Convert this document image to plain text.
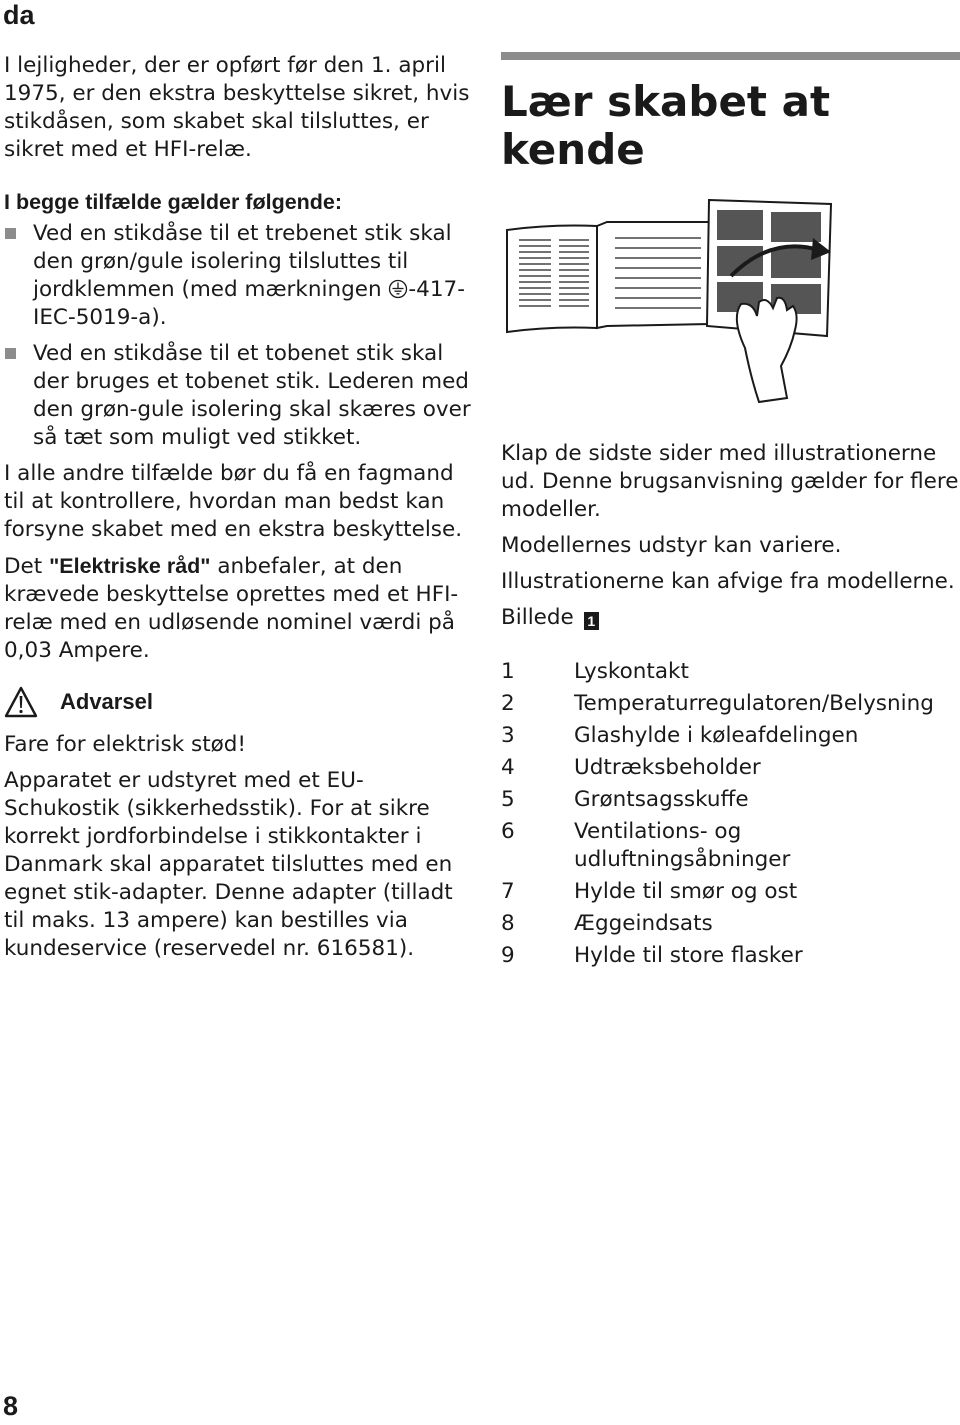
da

I lejligheder, der er opført før den 1. april 1975, er den ekstra beskyttelse sikret, hvis stikdåsen, som skabet skal tilsluttes, er sikret med et HFI-relæ.

I begge tilfælde gælder følgende:
Ved en stikdåse til et trebenet stik skal den grøn/gule isolering tilsluttes til jordklemmen (med mærkningen -417-IEC-5019-a).
Ved en stikdåse til et tobenet stik skal der bruges et tobenet stik. Lederen med den grøn-gule isolering skal skæres over så tæt som muligt ved stikket.

I alle andre tilfælde bør du få en fagmand til at kontrollere, hvordan man bedst kan forsyne skabet med en ekstra beskyttelse.

Det "Elektriske råd" anbefaler, at den krævede beskyttelse oprettes med et HFI-relæ med en udløsende nominel værdi på 0,03 Ampere.

Advarsel

Fare for elektrisk stød!

Apparatet er udstyret med et EU-Schukostik (sikkerhedsstik). For at sikre korrekt jordforbindelse i stikkontakter i Danmark skal apparatet tilsluttes med en egnet stik-adapter. Denne adapter (tilladt til maks. 13 ampere) kan bestilles via kundeservice (reservedel nr. 616581).

Lær skabet at kende

Klap de sidste sider med illustrationerne ud. Denne brugsanvisning gælder for flere modeller.

Modellernes udstyr kan variere.

Illustrationerne kan afvige fra modellerne.

Billede 1

1	Lyskontakt
2	Temperaturregulatoren/Belysning
3	Glashylde i køleafdelingen
4	Udtræksbeholder
5	Grøntsagsskuffe
6	Ventilations- og udluftningsåbninger
7	Hylde til smør og ost
8	Æggeindsats
9	Hylde til store flasker
8
